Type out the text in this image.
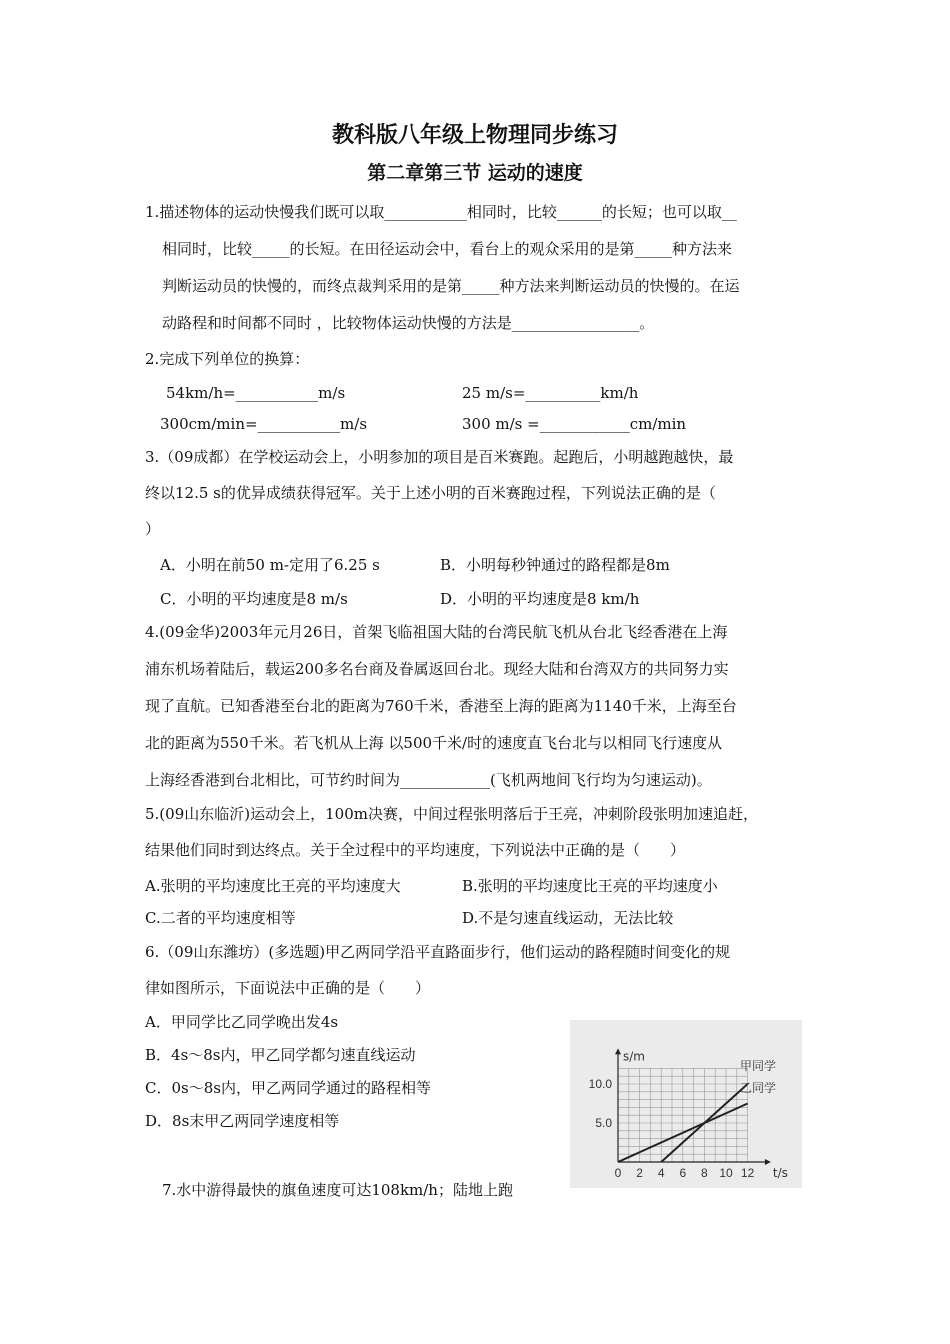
教科版八年级上物理同步练习
第二章第三节 运动的速度
1.描述物体的运动快慢我们既可以取___________相同时，比较______的长短；也可以取__
相同时，比较_____的长短。在田径运动会中，看台上的观众采用的是第_____种方法来
判断运动员的快慢的，而终点裁判采用的是第_____种方法来判断运动员的快慢的。在运
动路程和时间都不同时 ，比较物体运动快慢的方法是_________________。
2.完成下列单位的换算：
54km/h=___________m/s	25 m/s=__________km/h
300cm/min=___________m/s	300 m/s =____________cm/min
3.（09成都）在学校运动会上，小明参加的项目是百米赛跑。起跑后，小明越跑越快，最
终以12.5 s的优异成绩获得冠军。关于上述小明的百米赛跑过程，下列说法正确的是（
）
A．小明在前50 m-定用了6.25 s	B．小明每秒钟通过的路程都是8m
C．小明的平均速度是8 m/s	D．小明的平均速度是8 km/h
4.(09金华)2003年元月26日，首架飞临祖国大陆的台湾民航飞机从台北飞经香港在上海
浦东机场着陆后，载运200多名台商及眷属返回台北。现经大陆和台湾双方的共同努力实
现了直航。已知香港至台北的距离为760千米，香港至上海的距离为1140千米，上海至台
北的距离为550千米。若飞机从上海 以500千米/时的速度直飞台北与以相同飞行速度从
上海经香港到台北相比，可节约时间为____________(飞机两地间飞行均为匀速运动)。
5.(09山东临沂)运动会上，100m决赛，中间过程张明落后于王亮，冲刺阶段张明加速追赶，
结果他们同时到达终点。关于全过程中的平均速度，下列说法中正确的是（　　）
A.张明的平均速度比王亮的平均速度大	B.张明的平均速度比王亮的平均速度小
C.二者的平均速度相等	D.不是匀速直线运动，无法比较
6.（09山东潍坊）(多选题)甲乙两同学沿平直路面步行，他们运动的路程随时间变化的规
律如图所示，下面说法中正确的是（　　）
A．甲同学比乙同学晚出发4s
B．4s～8s内，甲乙同学都匀速直线运动
C．0s～8s内，甲乙两同学通过的路程相等
D．8s末甲乙两同学速度相等
7.水中游得最快的旗鱼速度可达108km/h；陆地上跑
0 2 4 6 8 10 12
5.0
10.0
s/m
t/s
甲同学
乙同学
